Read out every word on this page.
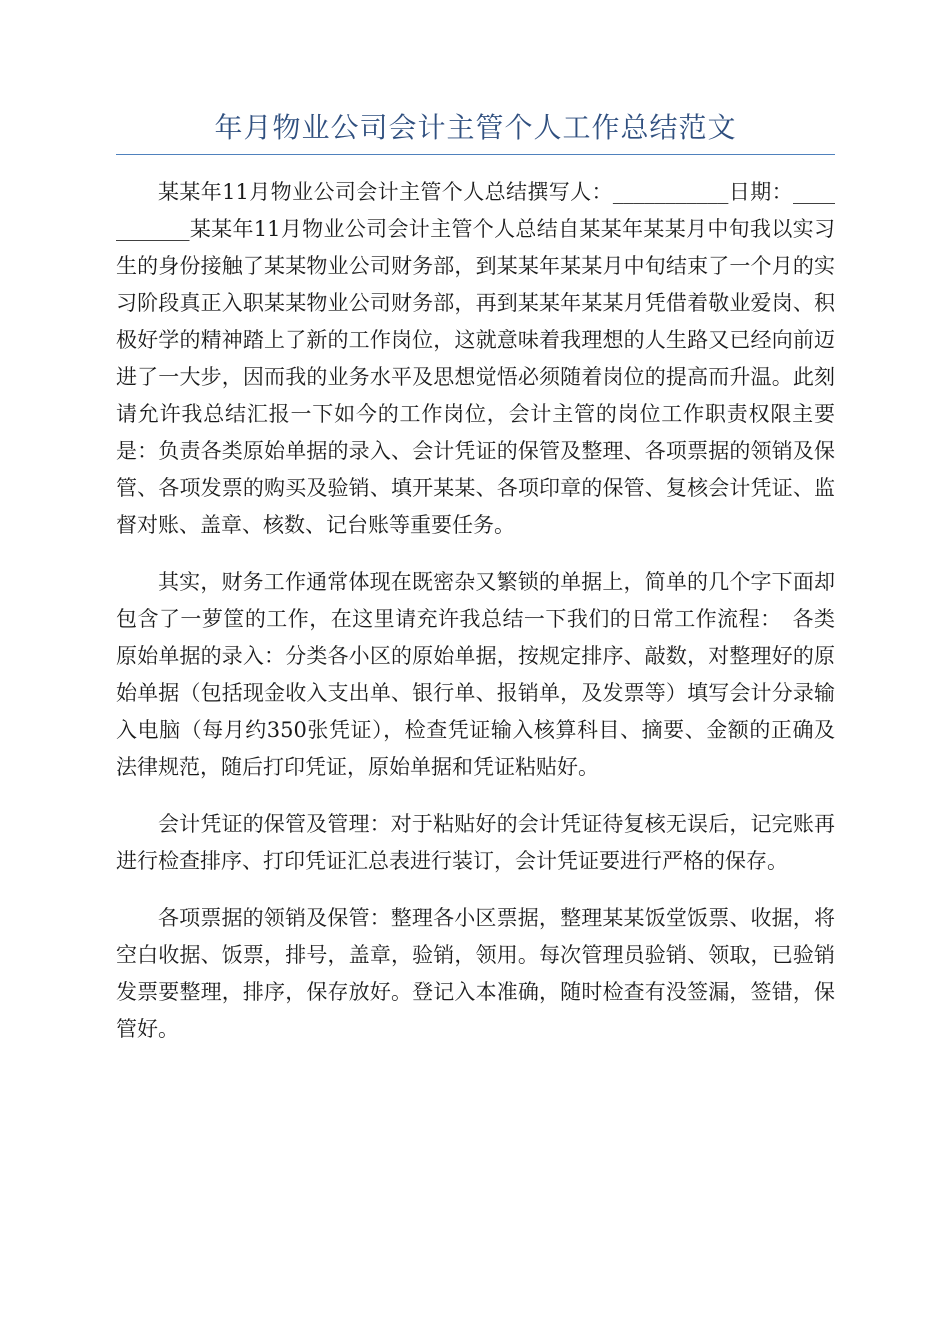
年月物业公司会计主管个人工作总结范文

某某年11月物业公司会计主管个人总结撰写人：___________日期：___________某某年11月物业公司会计主管个人总结自某某年某某月中旬我以实习生的身份接触了某某物业公司财务部，到某某年某某月中旬结束了一个月的实习阶段真正入职某某物业公司财务部，再到某某年某某月凭借着敬业爱岗、积极好学的精神踏上了新的工作岗位，这就意味着我理想的人生路又已经向前迈进了一大步，因而我的业务水平及思想觉悟必须随着岗位的提高而升温。此刻请允许我总结汇报一下如今的工作岗位，会计主管的岗位工作职责权限主要是：负责各类原始单据的录入、会计凭证的保管及整理、各项票据的领销及保管、各项发票的购买及验销、填开某某、各项印章的保管、复核会计凭证、监督对账、盖章、核数、记台账等重要任务。

其实，财务工作通常体现在既密杂又繁锁的单据上，简单的几个字下面却包含了一萝筐的工作，在这里请充许我总结一下我们的日常工作流程：　各类原始单据的录入：分类各小区的原始单据，按规定排序、敲数，对整理好的原始单据（包括现金收入支出单、银行单、报销单，及发票等）填写会计分录输入电脑（每月约350张凭证），检查凭证输入核算科目、摘要、金额的正确及法律规范，随后打印凭证，原始单据和凭证粘贴好。

会计凭证的保管及管理：对于粘贴好的会计凭证待复核无误后，记完账再进行检查排序、打印凭证汇总表进行装订，会计凭证要进行严格的保存。

各项票据的领销及保管：整理各小区票据，整理某某饭堂饭票、收据，将空白收据、饭票，排号，盖章，验销，领用。每次管理员验销、领取，已验销发票要整理，排序，保存放好。登记入本准确，随时检查有没签漏，签错，保管好。
